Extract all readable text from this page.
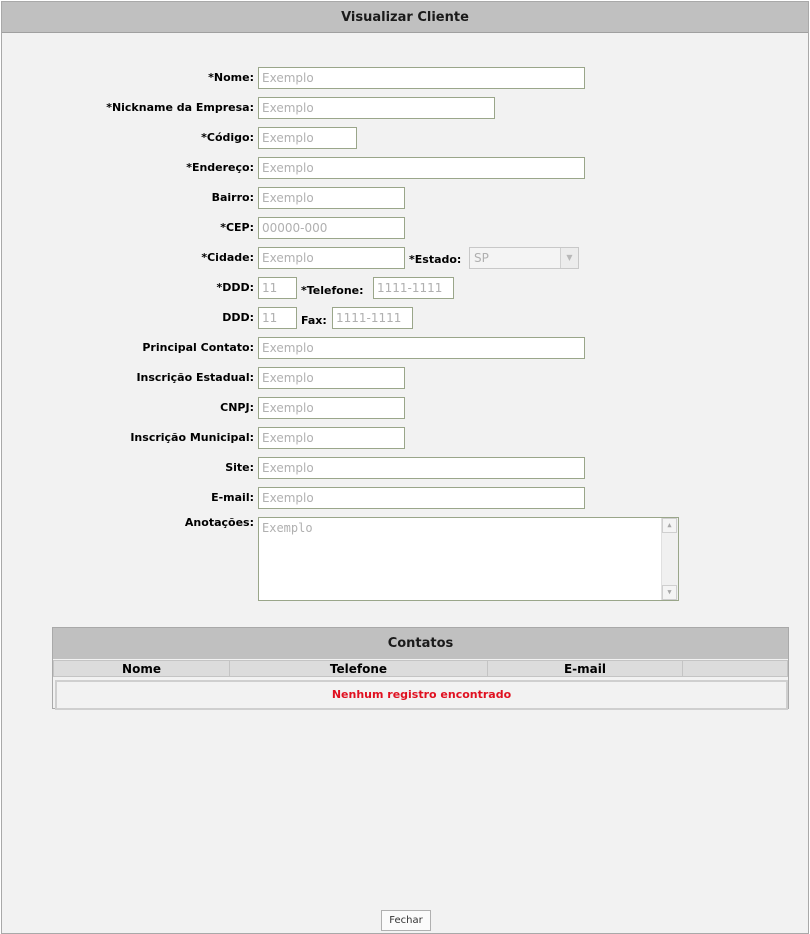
Visualizar Cliente
*Nome: Exemplo
*Nickname da Empresa: Exemplo
*Código: Exemplo
*Endereço: Exemplo
Bairro: Exemplo
*CEP: 00000-000
*Cidade: Exemplo	*Estado:	SP	▼
*DDD: 11	*Telefone:	1111-1111
DDD: 11	Fax: 1111-1111
Principal Contato: Exemplo
Inscrição Estadual: Exemplo
CNPJ: Exemplo
Inscrição Municipal: Exemplo
Site: Exemplo
E-mail: Exemplo
Anotações: Exemplo	▲
▼
Contatos
Nome	Telefone	E-mail
Nenhum registro encontrado
Fechar
